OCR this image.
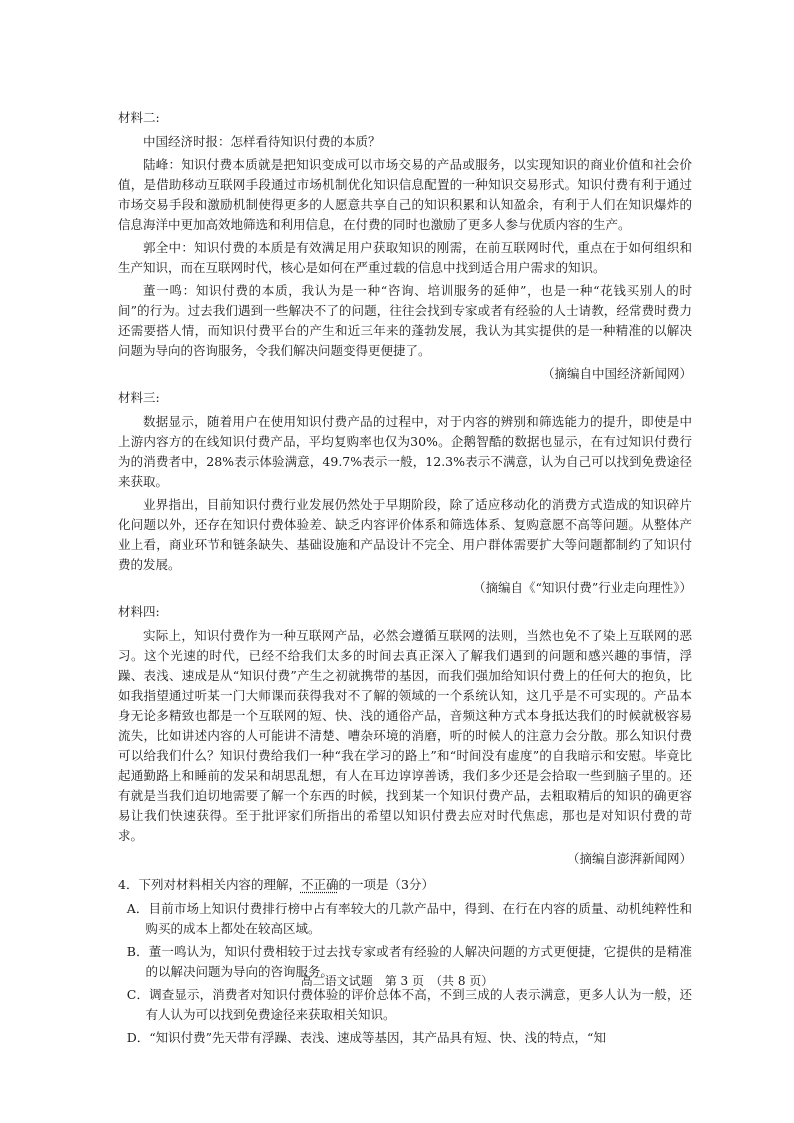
材料二:

中国经济时报：怎样看待知识付费的本质？

陆峰：知识付费本质就是把知识变成可以市场交易的产品或服务，以实现知识的商业价值和社会价值，是借助移动互联网手段通过市场机制优化知识信息配置的一种知识交易形式。知识付费有利于通过市场交易手段和激励机制使得更多的人愿意共享自己的知识积累和认知盈余，有利于人们在知识爆炸的信息海洋中更加高效地筛选和利用信息，在付费的同时也激励了更多人参与优质内容的生产。

郭全中：知识付费的本质是有效满足用户获取知识的刚需，在前互联网时代，重点在于如何组织和生产知识，而在互联网时代，核心是如何在严重过载的信息中找到适合用户需求的知识。

董一鸣：知识付费的本质，我认为是一种“咨询、培训服务的延伸”，也是一种“花钱买别人的时间”的行为。过去我们遇到一些解决不了的问题，往往会找到专家或者有经验的人士请教，经常费时费力还需要搭人情，而知识付费平台的产生和近三年来的蓬勃发展，我认为其实提供的是一种精准的以解决问题为导向的咨询服务，令我们解决问题变得更便捷了。

（摘编自中国经济新闻网）

材料三:

数据显示，随着用户在使用知识付费产品的过程中，对于内容的辨别和筛选能力的提升，即使是中上游内容方的在线知识付费产品，平均复购率也仅为30%。企鹅智酷的数据也显示，在有过知识付费行为的消费者中，28%表示体验满意，49.7%表示一般，12.3%表示不满意，认为自己可以找到免费途径来获取。

业界指出，目前知识付费行业发展仍然处于早期阶段，除了适应移动化的消费方式造成的知识碎片化问题以外，还存在知识付费体验差、缺乏内容评价体系和筛选体系、复购意愿不高等问题。从整体产业上看，商业环节和链条缺失、基础设施和产品设计不完全、用户群体需要扩大等问题都制约了知识付费的发展。

（摘编自《“知识付费”行业走向理性》）

材料四:

实际上，知识付费作为一种互联网产品，必然会遵循互联网的法则，当然也免不了染上互联网的恶习。这个光速的时代，已经不给我们太多的时间去真正深入了解我们遇到的问题和感兴趣的事情，浮躁、表浅、速成是从“知识付费”产生之初就携带的基因，而我们强加给知识付费上的任何大的抱负，比如我指望通过听某一门大师课而获得我对不了解的领域的一个系统认知，这几乎是不可实现的。产品本身无论多精致也都是一个互联网的短、快、浅的通俗产品，音频这种方式本身抵达我们的时候就极容易流失，比如讲述内容的人可能讲不清楚、嘈杂环境的消磨，听的时候人的注意力会分散。那么知识付费可以给我们什么？知识付费给我们一种“我在学习的路上”和“时间没有虚度”的自我暗示和安慰。毕竟比起通勤路上和睡前的发呆和胡思乱想，有人在耳边谆谆善诱，我们多少还是会拾取一些到脑子里的。还有就是当我们迫切地需要了解一个东西的时候，找到某一个知识付费产品，去粗取精后的知识的确更容易让我们快速获得。至于批评家们所指出的希望以知识付费去应对时代焦虑，那也是对知识付费的苛求。

（摘编自澎湃新闻网）

4．下列对材料相关内容的理解，不正确的一项是（3分）

A．目前市场上知识付费排行榜中占有率较大的几款产品中，得到、在行在内容的质量、动机纯粹性和购买的成本上都处在较高区域。

B．董一鸣认为，知识付费相较于过去找专家或者有经验的人解决问题的方式更便捷，它提供的是精准的以解决问题为导向的咨询服务。

C．调查显示，消费者对知识付费体验的评价总体不高，不到三成的人表示满意，更多人认为一般，还有人认为可以找到免费途径来获取相关知识。

D．“知识付费”先天带有浮躁、表浅、速成等基因，其产品具有短、快、浅的特点，“知

高二语文试题　第 3 页　（共 8 页）
